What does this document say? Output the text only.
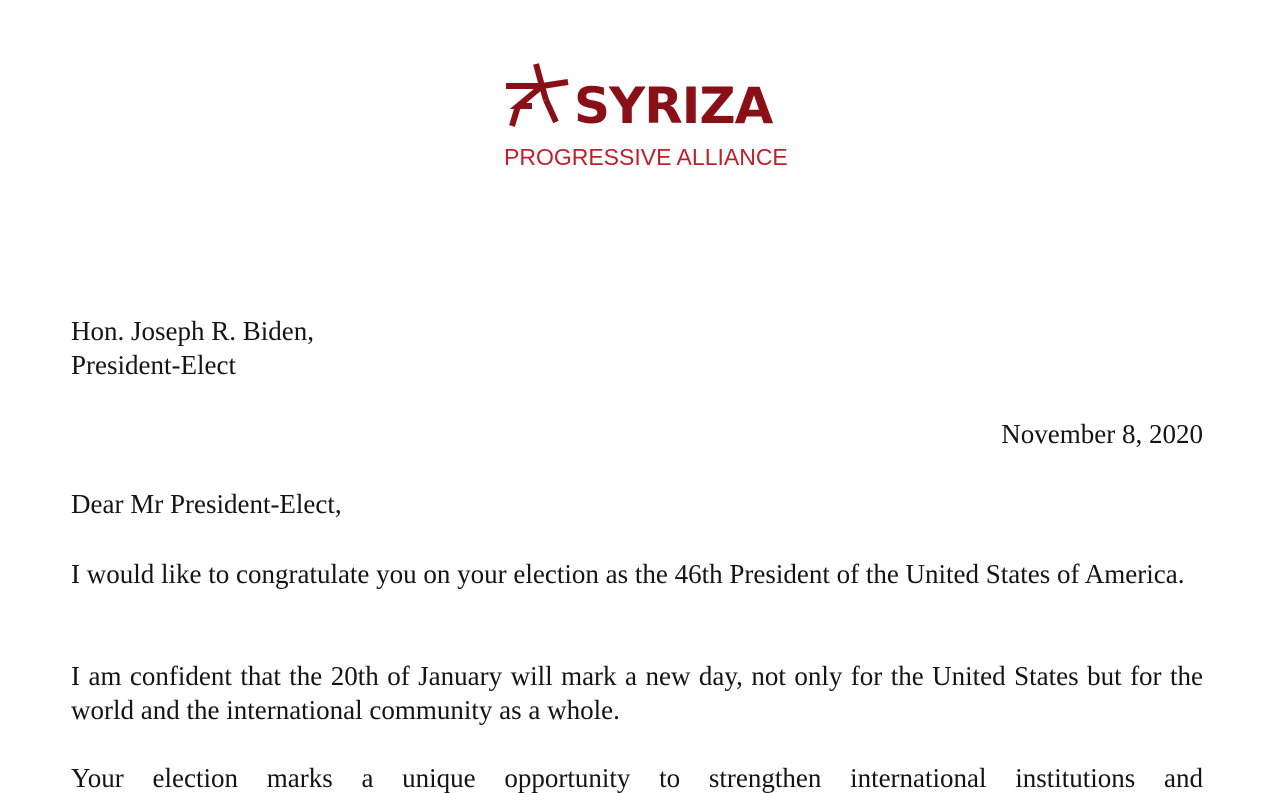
SYRIZA
PROGRESSIVE ALLIANCE
Hon. Joseph R. Biden,
President-Elect
November 8, 2020
Dear Mr President-Elect,
I would like to congratulate you on your election as the 46th President of the United States of America.
I am confident that the 20th of January will mark a new day, not only for the United States but for the world and the international community as a whole.
Your election marks a unique opportunity to strengthen international institutions and
